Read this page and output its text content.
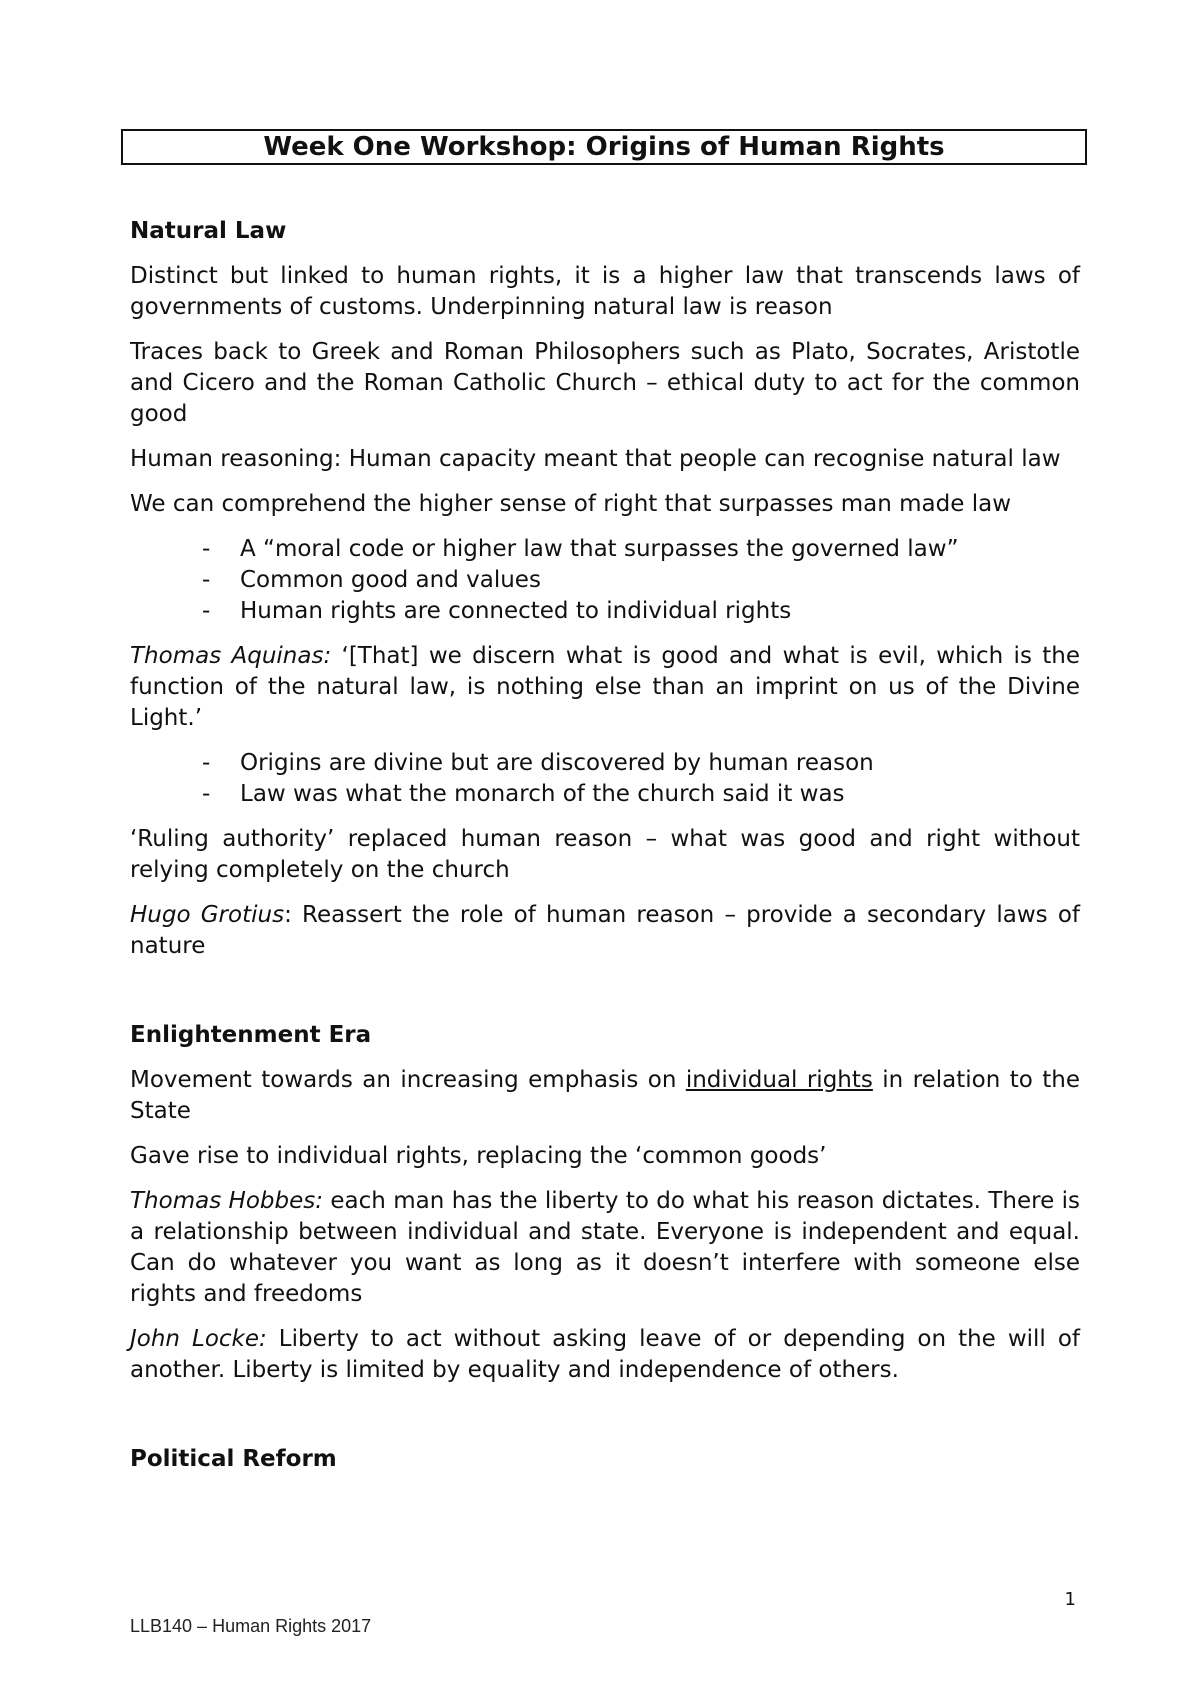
Week One Workshop: Origins of Human Rights
Natural Law

Distinct but linked to human rights, it is a higher law that transcends laws of governments of customs. Underpinning natural law is reason

Traces back to Greek and Roman Philosophers such as Plato, Socrates, Aristotle and Cicero and the Roman Catholic Church – ethical duty to act for the common good

Human reasoning: Human capacity meant that people can recognise natural law

We can comprehend the higher sense of right that surpasses man made law

- A “moral code or higher law that surpasses the governed law”
- Common good and values
- Human rights are connected to individual rights

Thomas Aquinas: ‘[That] we discern what is good and what is evil, which is the function of the natural law, is nothing else than an imprint on us of the Divine Light.’

- Origins are divine but are discovered by human reason
- Law was what the monarch of the church said it was

‘Ruling authority’ replaced human reason – what was good and right without relying completely on the church

Hugo Grotius: Reassert the role of human reason – provide a secondary laws of nature

Enlightenment Era

Movement towards an increasing emphasis on individual rights in relation to the State

Gave rise to individual rights, replacing the ‘common goods’

Thomas Hobbes: each man has the liberty to do what his reason dictates. There is a relationship between individual and state. Everyone is independent and equal. Can do whatever you want as long as it doesn’t interfere with someone else rights and freedoms

John Locke: Liberty to act without asking leave of or depending on the will of another. Liberty is limited by equality and independence of others.

Political Reform
1
LLB140 – Human Rights 2017
